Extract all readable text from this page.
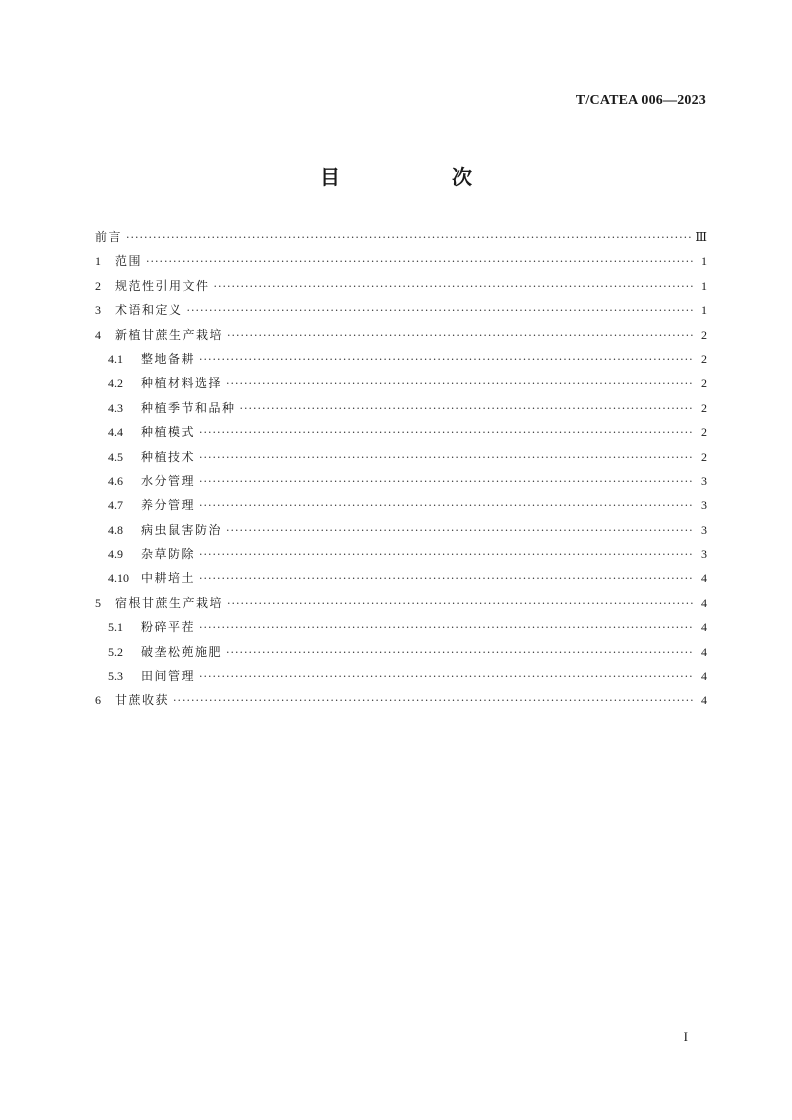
T/CATEA 006—2023
目　次
前言 ·····	Ⅲ
1	范围 ·····	1
2	规范性引用文件 ·····	1
3	术语和定义 ·····	1
4	新植甘蔗生产栽培 ·····	2
4.1	整地备耕 ·····	2
4.2	种植材料选择 ·····	2
4.3	种植季节和品种 ·····	2
4.4	种植模式 ·····	2
4.5	种植技术 ·····	2
4.6	水分管理 ·····	3
4.7	养分管理 ·····	3
4.8	病虫鼠害防治 ·····	3
4.9	杂草防除 ·····	3
4.10	中耕培土 ·····	4
5	宿根甘蔗生产栽培 ·····	4
5.1	粉碎平茬 ·····	4
5.2	破垄松蔸施肥 ·····	4
5.3	田间管理 ·····	4
6	甘蔗收获 ·····	4
I
